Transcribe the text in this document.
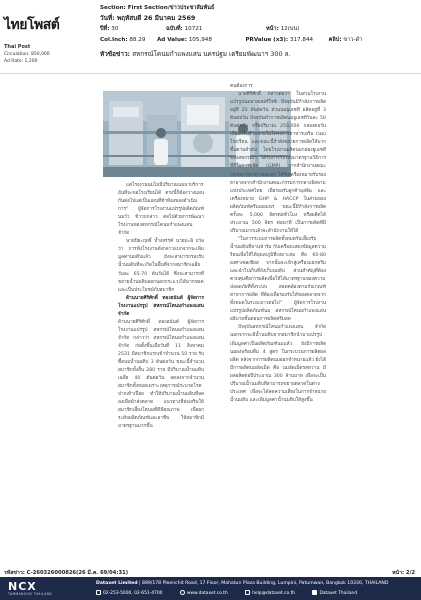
ไทยโพสต์
Thai Post
Circulation: 850,000
Ad Rate: 1,200
Section: First Section/ข่าวประชาสัมพันธ์
วันที่: พฤหัสบดี 26 มีนาคม 2569
ปีที่: 30	ฉบับที่: 10721	หน้า: 12(บน)
Col.Inch: 88.29 Ad Value: 105,948	PRValue (x3): 317,844	คลิป: ขาว-ดำ
หัวข้อข่าว: สหกรณ์โคนมกำแพงแสน นครปฐม เตรียมพัฒนาฯ 300 ล.

แต่โรงงานนมไม่มีปริมาณนมมาบริการอันที่จะขอโรงเรียนได้ ตรงนี้ก็ต้องวางแผนกันต่อไปแต่เป็นแผนที่ท้าท้องของดำเนินการ" ผู้จัดการโรงงานแปรรูปผลิตภัณฑ์นมวัว ข้าวบกล่าว ต่อไปด้วยการพัฒนาโรงงานของสหกรณ์โคนมกำแพงแสน จำกัด

นายปิยะฤทธิ์ บ้ำงสรรค์ นายมะลิ ถวัล ว่า การฟังโรงงานดังกล่าวแบกจากจะเพิ่มมูลค่านมดิบแล้ว ยังจะสามารถรองรับน้ำนมดิบที่จะเกิดในพื้นที่จากสมาชิกเฉลี่ยวันละ 65-70 ตันวันได้ ซึ่งจะสามารถที่ขยายน้ำนมดิบออกนอกกระแวงได้มากขอดและเป็นประโยชน์กับสมาชิก

ด้านนายศิริศักดิ์ ทองอนันต์ ผู้จัดการโรงงานแปรรูป สหกรณ์โคนมกำแพงแสน จำกัด

ด้านนายศิริศักดิ์ ทองอนันต์ ผู้จัดการโรงงานแปรรูป สหกรณ์โคนมกำแพงแสน จำกัด กล่าวว่า สหกรณ์โคนมกำแพงแสน จำกัด ก่อตั้งขึ้นเมื่อวันที่ 11 สิงหาคม 2531 มีสมาชิกแรกเข้าจำนวน 50 ราย รับซื้อนมน้ำนมดิบ 3 ตันต่อวัน ขณะนี้จำนวนสมาชิกทั้งสิ้น 280 ราย มีปริมาณน้ำนมดิบเฉลี่ย 40 ตันต่อวัน ลดลงจากจำนวนสมาชิกทั้งหมดเพราะเหตุการณ์ระบาดโรคปากเท้าเปื่อย ทำให้ปริมาณน้ำนมดิบที่ลดลงเพื่อนำส่งตลาด แนวทางที่ส่งเสริมให้สมาชิกเลี้ยงโคนมที่ดีมีคุณภาพ เพื่อยกระดับผลิตภัณฑ์และอาชีพ ให้สมาชิกมีมาตรฐานมากขึ้น

คนต้องการ

นายศิริศักดิ์ กล่าวต่อว่า ในส่วนโรงงานแปรรูปนมพาสเจอร์ไรซ์ ปัจจุบันมีกำลังการผลิตอยู่ที่ 25 ตันต่อวัน ส่วนนมยูเอชที ผลิตอยู่ที่ 3 ตันต่อวัน ปัจจุบันทำการผลิตนมยูเอชทีวันละ 50 ตันต่อวัน หรือปริมาณ 250,000 กล่องต่อวัน เพื่อนำไปจำหน่ายในโครงการอาหารเสริม (นม) โรงเรียน และขณะนี้กำลังขยายการผลิตให้มากขึ้นตามลำดับ โดยโรงงานผลิตนมกล่องยูเอชที ของสหกรณ์ฯ ได้รับการรับรองมาตรฐานวิธีการที่ดีในการผลิต (GMP) จากสำนักงานคณะกรรมการอาหารและยา ได้รับเครื่องหมายรับรองฮาลาลจากสำนักงานคณะกรรมการกลางอิสลามแห่งประเทศไทย เพื่อรองรับลูกค้ามุสลิม และเครื่องหมาย GHP & HACCP ในส่วนของผลิตภัณฑ์ครีมเผยแพร่ ขณะนี้มีกำลังการผลิตครั้งละ 5,000 ลิตรต่อชั่วโมง หรือผลิตได้ประมาณ 500 ลิตร ต่อนาที เป็นการผลิตที่มีปริมาณมากแล้วจะสำนักงานให้ได้

"ในการระบบการผลิตทั้งหมดรับเลี้ยงรับน้ำนมดิบที่ลานฟาร์ม กับเครื่องแสดงข้อมูลความร้อนเพื่อให้ได้อุณหภูมิที่เหมาะสม คือ 60-80 องศาเซลเซียส จากนั้นจะเข้าสู่เครื่องแยกครีมและนำไปเก็บที่ถังเก็บนมดิบ ส่วนสำคัญที่ต้องควบคุมคือการผลิตเพื่อให้ได้มาตรฐานของความปลอดภัยที่ทั้งระบบ สอดคล้องตามกับเกณฑ์ สาขาการผลิต ที่ต้องเพื่อรองรับได้ของตลาดจากทั้งหมดในระยะยาวต่อไป" ผู้จัดการโรงงานแปรรูปผลิตภัณฑ์นม สหกรณ์โคนมกำแพงแสน อธิบายขั้นตอนการผลิตครีมสด

ปัจจุบันสหกรณ์โคนมกำแพงแสน จำกัด นอกจากจะมีน้ำนมดิบจากสมาชิกนำมาแปรรูปเพิ่มมูลค่าเป็นผลิตภัณฑ์นมแล้ว ยังมีการผลิตนมผงพร้อมดื่ม 4 สูตร ในกระบวนการผลิตผลผลิต หลังจากการผลิตนมออกจำหน่ายแล้ว ยังได้มีการผลิตนมอัดเม็ด คือ นมอัดเม็ดรสหวาน มีผลผลิตต่อปีประมาณ 300 ล้านบาท เพื่อจะเป็นปริมาณน้ำนมดิบที่สามารถขยายตลาดในต่างประเทศ เพื่อจะได้ลดความเสี่ยงในการจำหน่ายน้ำนมดิบ และเพิ่มมูลค่าน้ำนมดิบให้สูงขึ้น

รหัสข่าว: C-260326000826(26 มี.ค. 69/04:31)	หน้า: 2/2
NCX
TAMMANOON THAILAND
Dataxet Limited | 889/178 Ploenchit Road, 17 Floor, Mahatun Plaza Building, Lumpini, Patumwan, Bangkok 10330, THAILAND
02-253-5000, 02-651-4700	www.dataxet.co.th	help@dataxet.co.th	Dataxet Thailand
